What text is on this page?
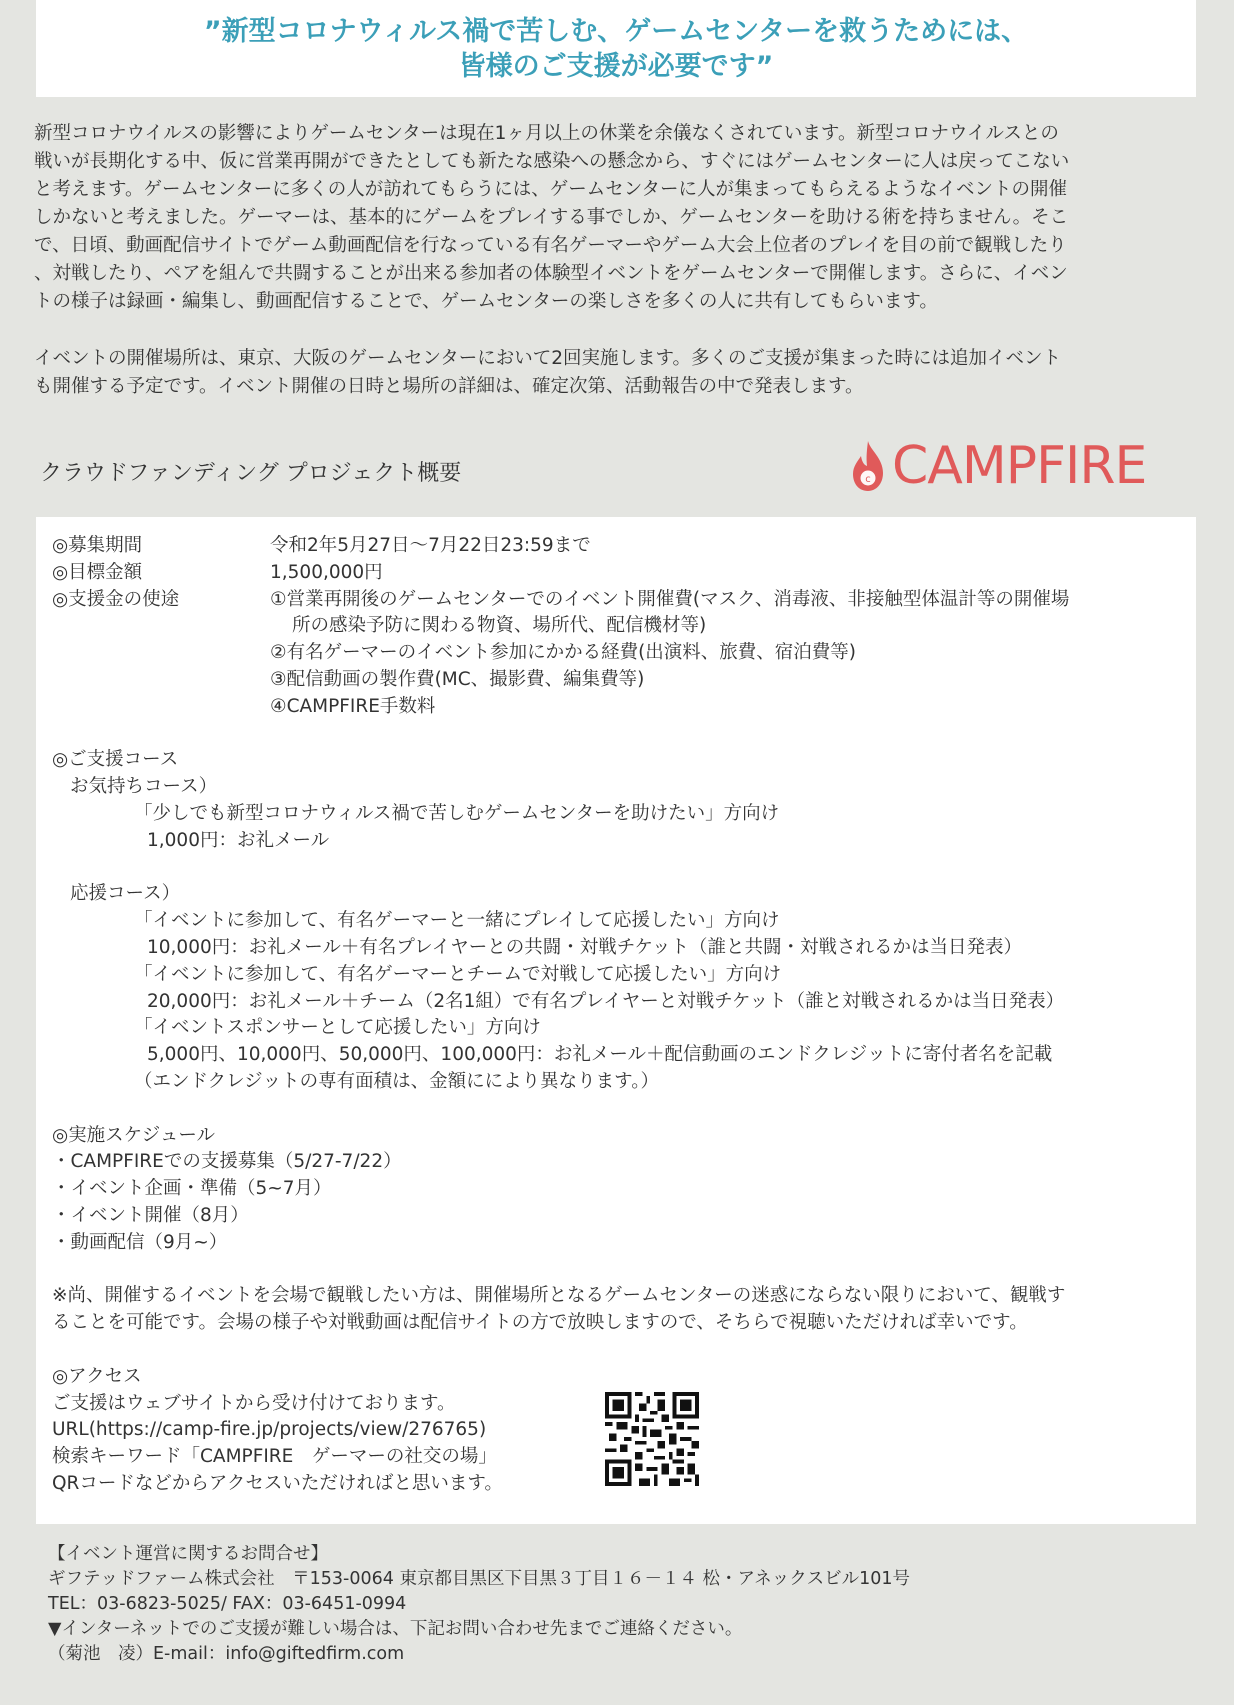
”新型コロナウィルス禍で苦しむ、ゲームセンターを救うためには、
皆様のご支援が必要です”

新型コロナウイルスの影響によりゲームセンターは現在1ヶ月以上の休業を余儀なくされています。新型コロナウイルスとの
戦いが長期化する中、仮に営業再開ができたとしても新たな感染への懸念から、すぐにはゲームセンターに人は戻ってこない
と考えます。ゲームセンターに多くの人が訪れてもらうには、ゲームセンターに人が集まってもらえるようなイベントの開催
しかないと考えました。ゲーマーは、基本的にゲームをプレイする事でしか、ゲームセンターを助ける術を持ちません。そこ
で、日頃、動画配信サイトでゲーム動画配信を行なっている有名ゲーマーやゲーム大会上位者のプレイを目の前で観戦したり
、対戦したり、ペアを組んで共闘することが出来る参加者の体験型イベントをゲームセンターで開催します。さらに、イベン
トの様子は録画・編集し、動画配信することで、ゲームセンターの楽しさを多くの人に共有してもらいます。

イベントの開催場所は、東京、大阪のゲームセンターにおいて2回実施します。多くのご支援が集まった時には追加イベント
も開催する予定です。イベント開催の日時と場所の詳細は、確定次第、活動報告の中で発表します。

クラウドファンディング プロジェクト概要	c CAMPFIRE
◎募集期間	令和2年5月27日〜7月22日23:59まで
◎目標金額	1,500,000円
◎支援金の使途	①営業再開後のゲームセンターでのイベント開催費(マスク、消毒液、非接触型体温計等の開催場
所の感染予防に関わる物資、場所代、配信機材等)
②有名ゲーマーのイベント参加にかかる経費(出演料、旅費、宿泊費等)
③配信動画の製作費(MC、撮影費、編集費等)
④CAMPFIRE手数料
◎ご支援コース
お気持ちコース）
「少しでも新型コロナウィルス禍で苦しむゲームセンターを助けたい」方向け
1,000円：お礼メール
応援コース）
「イベントに参加して、有名ゲーマーと一緒にプレイして応援したい」方向け
10,000円：お礼メール＋有名プレイヤーとの共闘・対戦チケット（誰と共闘・対戦されるかは当日発表）
「イベントに参加して、有名ゲーマーとチームで対戦して応援したい」方向け
20,000円：お礼メール＋チーム（2名1組）で有名プレイヤーと対戦チケット（誰と対戦されるかは当日発表）
「イベントスポンサーとして応援したい」方向け
5,000円、10,000円、50,000円、100,000円：お礼メール＋配信動画のエンドクレジットに寄付者名を記載
（エンドクレジットの専有面積は、金額ににより異なります。）
◎実施スケジュール
・CAMPFIREでの支援募集（5/27-7/22）
・イベント企画・準備（5~7月）
・イベント開催（8月）
・動画配信（9月~）
※尚、開催するイベントを会場で観戦したい方は、開催場所となるゲームセンターの迷惑にならない限りにおいて、観戦す
ることを可能です。会場の様子や対戦動画は配信サイトの方で放映しますので、そちらで視聴いただければ幸いです。
◎アクセス
ご支援はウェブサイトから受け付けております。
URL(https://camp-fire.jp/projects/view/276765)
検索キーワード「CAMPFIRE　ゲーマーの社交の場」
QRコードなどからアクセスいただければと思います。
【イベント運営に関するお問合せ】
ギフテッドファーム株式会社　〒153-0064 東京都目黒区下目黒３丁目１６－１４ 松・アネックスビル101号
TEL：03-6823-5025/ FAX：03-6451-0994
▼インターネットでのご支援が難しい場合は、下記お問い合わせ先までご連絡ください。
（菊池　凌）E-mail：info@giftedfirm.com
